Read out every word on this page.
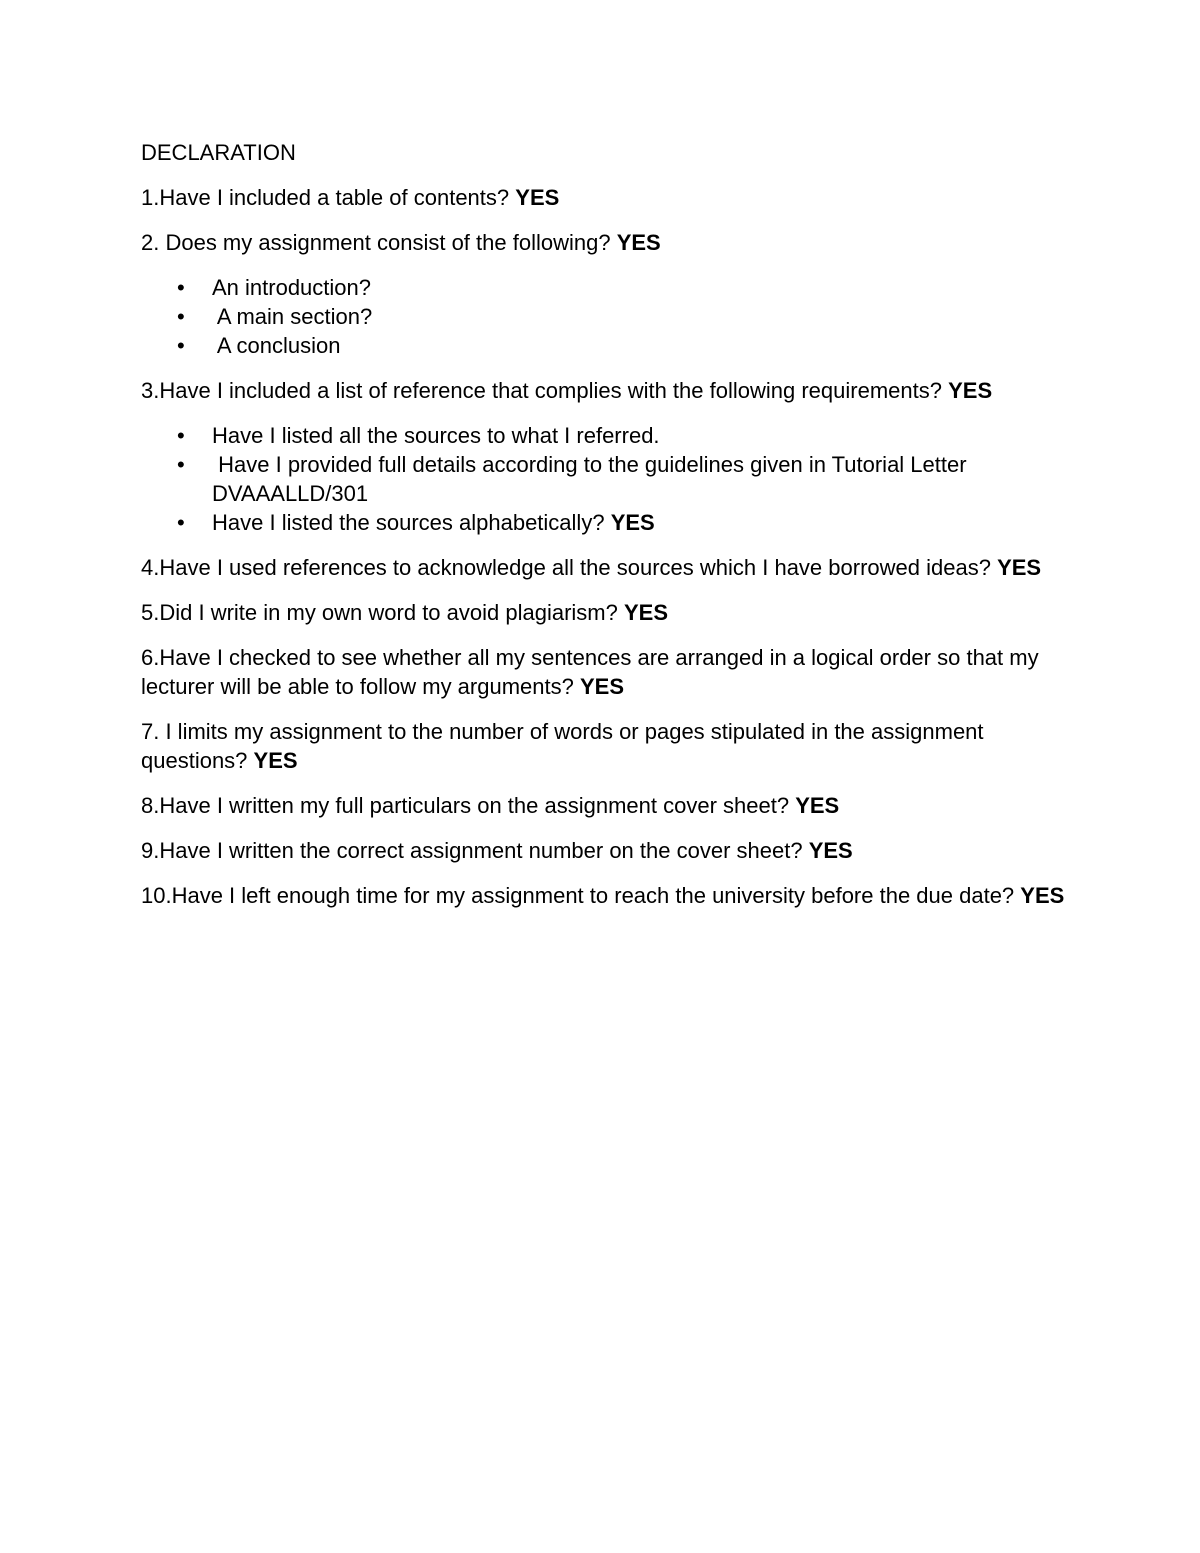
DECLARATION
1.Have I included a table of contents? YES
2. Does my assignment consist of the following? YES
• An introduction?
• A main section?
• A conclusion
3.Have I included a list of reference that complies with the following requirements? YES
• Have I listed all the sources to what I referred.
• Have I provided full details according to the guidelines given in Tutorial Letter DVAAALLD/301
• Have I listed the sources alphabetically? YES
4.Have I used references to acknowledge all the sources which I have borrowed ideas? YES
5.Did I write in my own word to avoid plagiarism? YES
6.Have I checked to see whether all my sentences are arranged in a logical order so that my lecturer will be able to follow my arguments? YES
7. I limits my assignment to the number of words or pages stipulated in the assignment questions? YES
8.Have I written my full particulars on the assignment cover sheet? YES
9.Have I written the correct assignment number on the cover sheet? YES
10.Have I left enough time for my assignment to reach the university before the due date? YES
